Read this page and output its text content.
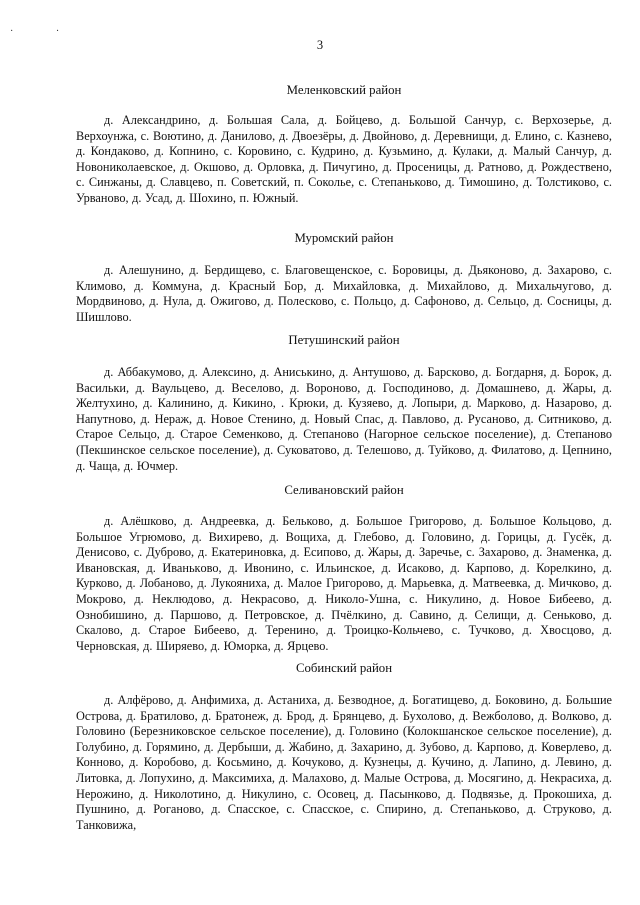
· ·
3

Меленковский район

д. Александрино, д. Большая Сала, д. Бойцево, д. Большой Санчур, с. Верхозерье, д. Верхоунжа, с. Воютино, д. Данилово, д. Двоезёры, д. Двойново, д. Деревнищи, д. Елино, с. Казнево, д. Кондаково, д. Копнино, с. Коровино, с. Кудрино, д. Кузьмино, д. Кулаки, д. Малый Санчур, д. Новониколаевское, д. Окшово, д. Орловка, д. Пичугино, д. Просеницы, д. Ратново, д. Рождествено, с. Синжаны, д. Славцево, п. Советский, п. Соколье, с. Степаньково, д. Тимошино, д. Толстиково, с. Урваново, д. Усад, д. Шохино, п. Южный.

Муромский район

д. Алешунино, д. Бердищево, с. Благовещенское, с. Боровицы, д. Дьяконово, д. Захарово, с. Климово, д. Коммуна, д. Красный Бор, д. Михайловка, д. Михайлово, д. Михальчугово, д. Мордвиново, д. Нула, д. Ожигово, д. Полесково, с. Польцо, д. Сафоново, д. Сельцо, д. Сосницы, д. Шишлово.

Петушинский район

д. Аббакумово, д. Алексино, д. Аниськино, д. Антушово, д. Барсково, д. Богдарня, д. Борок, д. Васильки, д. Ваульцево, д. Веселово, д. Вороново, д. Господиново, д. Домашнево, д. Жары, д. Желтухино, д. Калинино, д. Кикино, . Крюки, д. Кузяево, д. Лопыри, д. Марково, д. Назарово, д. Напутново, д. Нераж, д. Новое Стенино, д. Новый Спас, д. Павлово, д. Русаново, д. Ситниково, д. Старое Сельцо, д. Старое Семенково, д. Степаново (Нагорное сельское поселение), д. Степаново (Пекшинское сельское поселение), д. Суковатово, д. Телешово, д. Туйково, д. Филатово, д. Цепнино, д. Чаща, д. Ючмер.

Селивановский район

д. Алёшково, д. Андреевка, д. Бельково, д. Большое Григорово, д. Большое Кольцово, д. Большое Угрюмово, д. Вихирево, д. Вощиха, д. Глебово, д. Головино, д. Горицы, д. Гусёк, д. Денисово, с. Дуброво, д. Екатериновка, д. Есипово, д. Жары, д. Заречье, с. Захарово, д. Знаменка, д. Ивановская, д. Иванькoво, д. Ивонино, с. Ильинское, д. Исаково, д. Карпово, д. Корелкино, д. Курково, д. Лобаново, д. Лукояниха, д. Малое Григорово, д. Марьевка, д. Матвеевка, д. Мичково, д. Мокрово, д. Неклюдово, д. Некрасово, д. Николо-Ушна, с. Никулино, д. Новое Бибеево, д. Ознобишино, д. Паршово, д. Петровское, д. Пчёлкино, д. Савино, д. Селищи, д. Сеньково, д. Скалово, д. Старое Бибеево, д. Теренино, д. Троицко-Кольчево, с. Тучково, д. Хвосцово, д. Черновская, д. Ширяево, д. Юморка, д. Ярцево.

Собинский район

д. Алфёрово, д. Анфимиха, д. Астаниха, д. Безводное, д. Богатищево, д. Боковино, д. Большие Острова, д. Братилово, д. Братонеж, д. Брод, д. Брянцево, д. Бухолово, д. Вежболово, д. Волково, д. Головино (Березниковское сельское поселение), д. Головино (Колокшанское сельское поселение), д. Голубино, д. Горямино, д. Дербыши, д. Жабино, д. Захарино, д. Зубово, д. Карпово, д. Коверлево, д. Коннoво, д. Коробово, д. Косьмино, д. Кочуково, д. Кузнецы, д. Кучино, д. Лапино, д. Левино, д. Литовка, д. Лопухино, д. Максимиха, д. Малахово, д. Малые Острова, д. Мосягино, д. Некрасиха, д. Нерожино, д. Николотино, д. Никулино, с. Осовец, д. Пасынково, д. Подвязье, д. Прокошиха, д. Пушнино, д. Роганово, д. Спасское, с. Спасское, с. Спирино, д. Степаньково, д. Струково, д. Танковижа,
